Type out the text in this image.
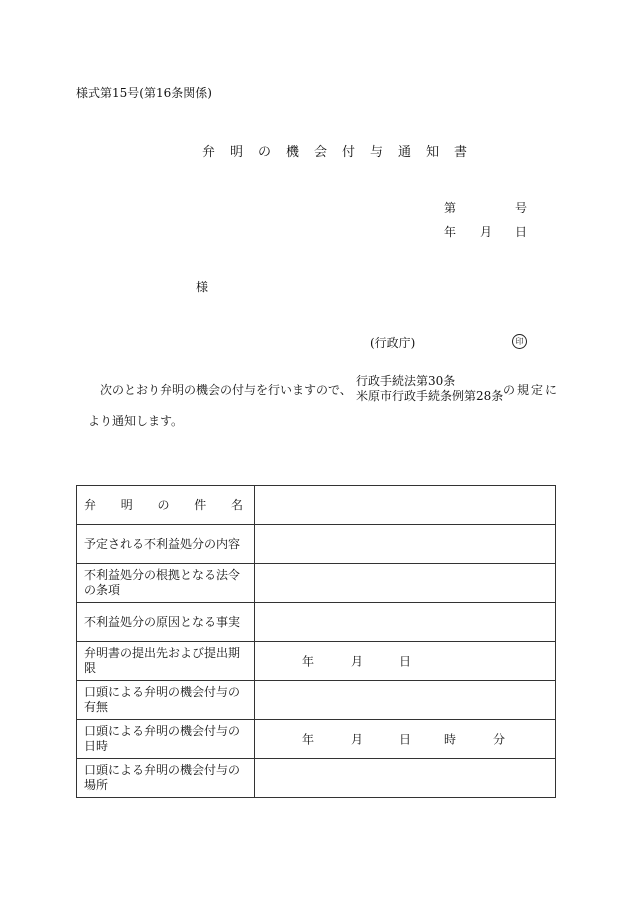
様式第15号(第16条関係)
弁明の機会付与通知書
第	号
年 月 日
様
(行政庁)	印
次のとおり弁明の機会の付与を行いますので、
行政手続法第30条
米原市行政手続条例第28条 の規定に
より通知します。
弁 明 の 件 名	

予定される不利益処分の内容	
不利益処分の根拠となる法令の条項	
不利益処分の原因となる事実	
弁明書の提出先および提出期限	年 月 日

口頭による弁明の機会付与の有無	
口頭による弁明の機会付与の日時	年 月 日 時 分

口頭による弁明の機会付与の場所	
